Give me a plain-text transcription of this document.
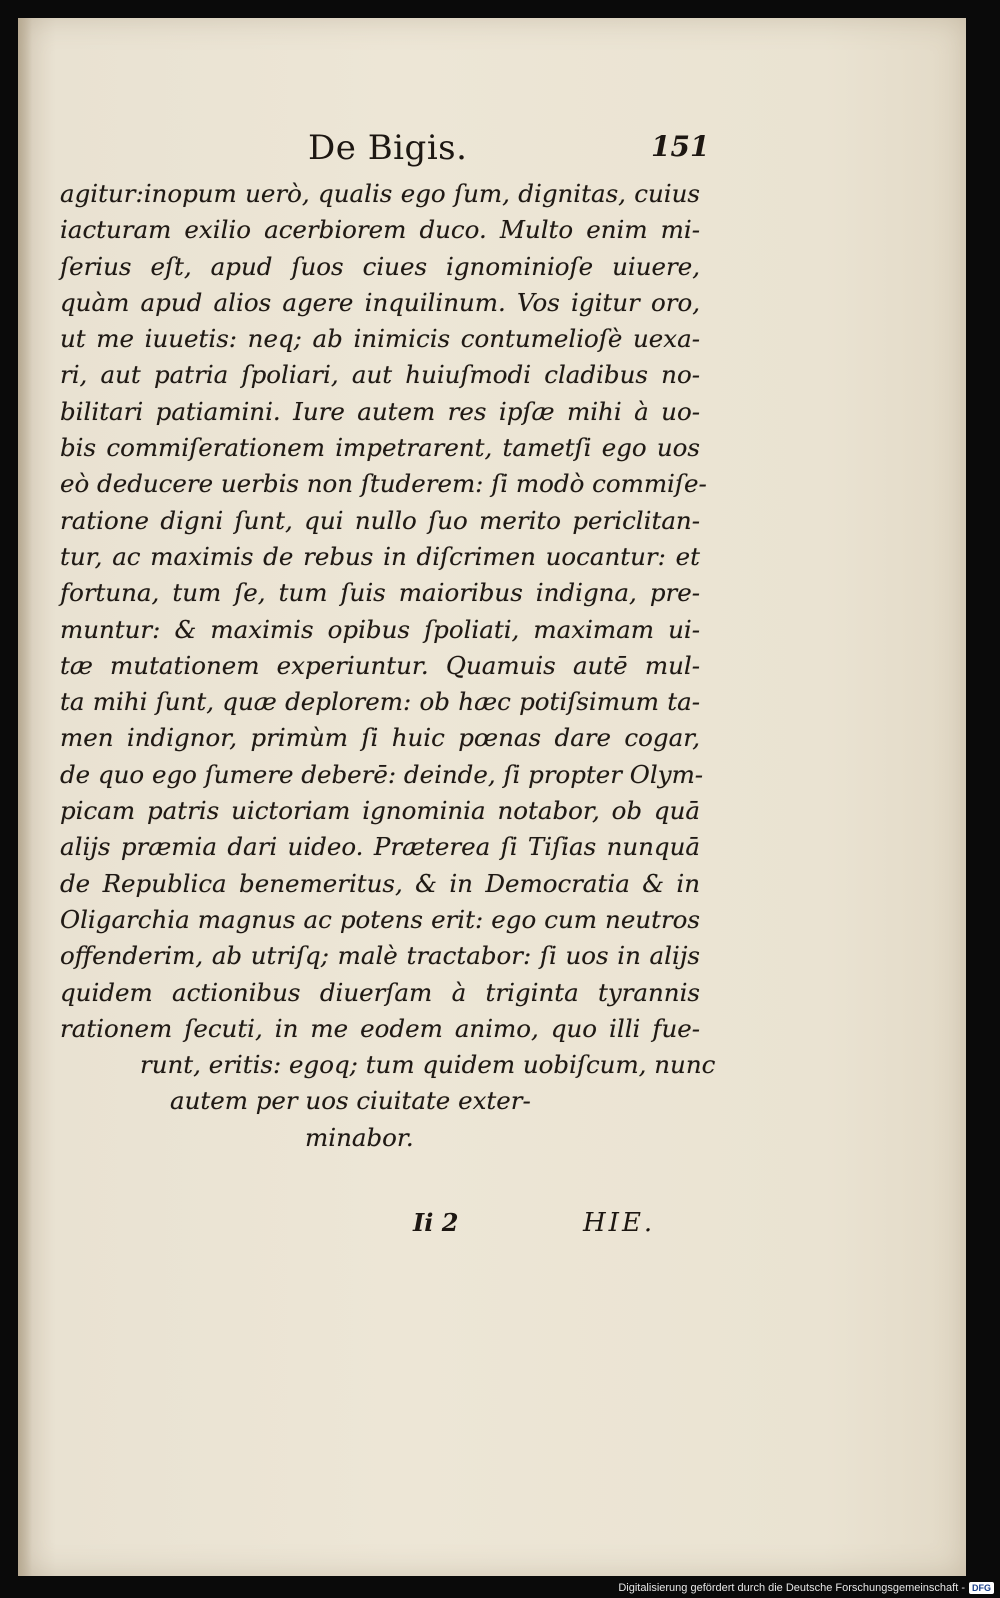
De Bigis.	151
agitur:inopum uerò, qualis ego ſum, dignitas, cuius
iacturam exilio acerbiorem duco. Multo enim mi-
ſerius eſt, apud ſuos ciues ignominioſe uiuere,
quàm apud alios agere inquilinum. Vos igitur oro,
ut me iuuetis: neq; ab inimicis contumelioſè uexa-
ri, aut patria ſpoliari, aut huiuſmodi cladibus no-
bilitari patiamini. Iure autem res ipſæ mihi à uo-
bis commiſerationem impetrarent, tametſi ego uos
eò deducere uerbis non ſtuderem: ſi modò commiſe-
ratione digni ſunt, qui nullo ſuo merito periclitan-
tur, ac maximis de rebus in diſcrimen uocantur: et
fortuna, tum ſe, tum ſuis maioribus indigna, pre-
muntur: & maximis opibus ſpoliati, maximam ui-
tæ mutationem experiuntur. Quamuis autē mul-
ta mihi ſunt, quæ deplorem: ob hæc potiſsimum ta-
men indignor, primùm ſi huic pœnas dare cogar,
de quo ego ſumere deberē: deinde, ſi propter Olym-
picam patris uictoriam ignominia notabor, ob quā
aliјs præmia dari uideo. Præterea ſi Tiſias nunquā
de Republica benemeritus, & in Democratia & in
Oligarchia magnus ac potens erit: ego cum neutros
offenderim, ab utriſq; malè tractabor: ſi uos in aliјs
quidem actionibus diuerſam à triginta tyrannis
rationem ſecuti, in me eodem animo, quo illi fue-
runt, eritis: egoq; tum quidem uobiſcum, nunc
autem per uos ciuitate exter-
minabor.
Ii 2	HIE.
Digitalisierung gefördert durch die Deutsche Forschungsgemeinschaft - DFG
